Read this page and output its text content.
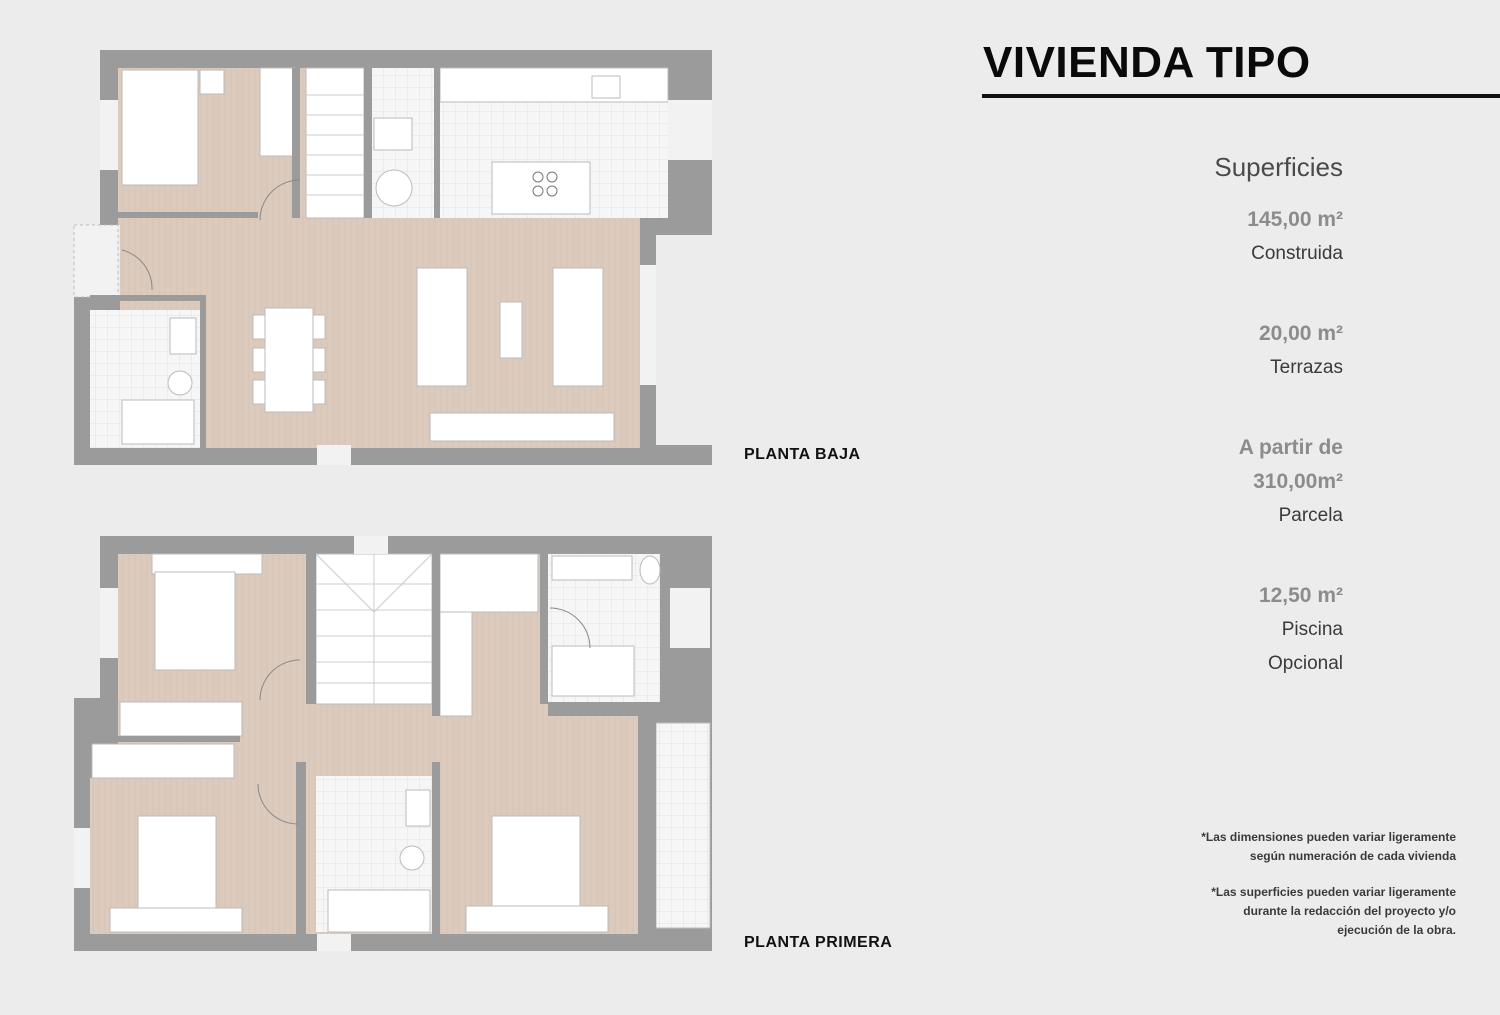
PLANTA BAJA
PLANTA PRIMERA
VIVIENDA TIPO
Superficies
145,00 m²
Construida
20,00 m²
Terrazas
A partir de
310,00m²
Parcela
12,50 m²
Piscina
Opcional

*Las dimensiones pueden variar ligeramente
según numeración de cada vivienda

*Las superficies pueden variar ligeramente
durante la redacción del proyecto y/o
ejecución de la obra.
